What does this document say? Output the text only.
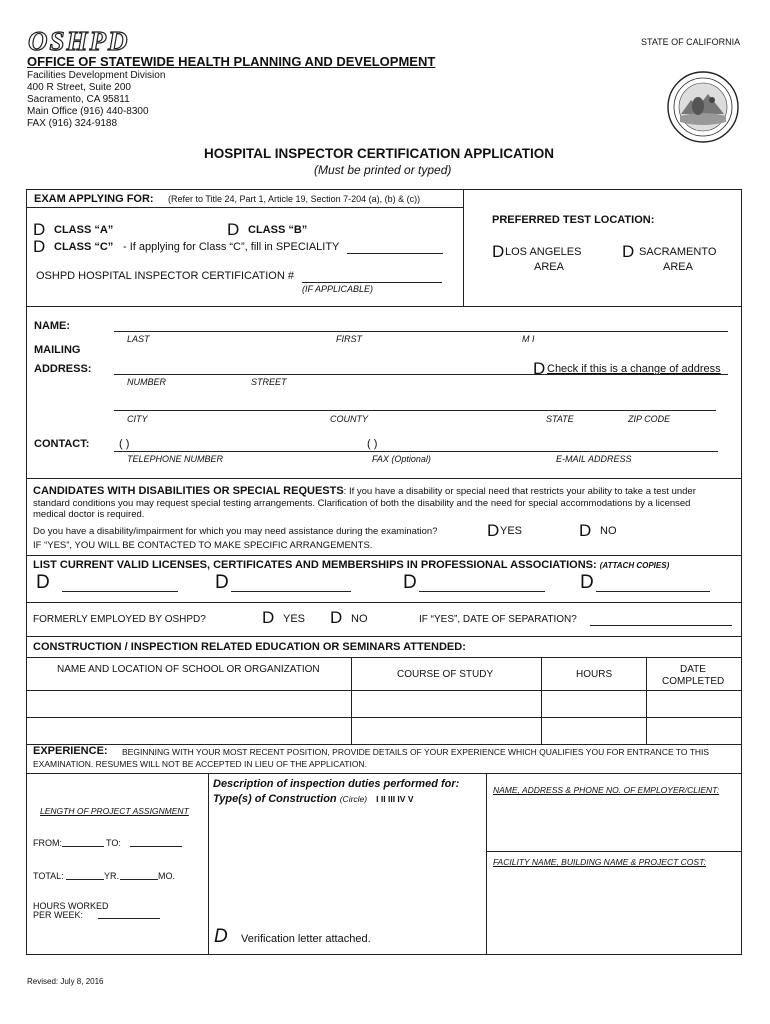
OSHPD	STATE OF CALIFORNIA
OFFICE OF STATEWIDE HEALTH PLANNING AND DEVELOPMENT
Facilities Development Division
400 R Street, Suite 200
Sacramento, CA 95811
Main Office (916) 440-8300
FAX (916) 324-9188
HOSPITAL INSPECTOR CERTIFICATION APPLICATION
(Must be printed or typed)
EXAM APPLYING FOR: (Refer to Title 24, Part 1, Article 19, Section 7-204 (a), (b) & (c))
D CLASS “A”	D CLASS “B”
D CLASS “C” - If applying for Class “C”, fill in SPECIALITY
OSHPD HOSPITAL INSPECTOR CERTIFICATION #
(IF APPLICABLE)
PREFERRED TEST LOCATION:
D LOS ANGELES
AREA
D SACRAMENTO
AREA
NAME:
LAST	FIRST	M I
MAILING
ADDRESS:	D Check if this is a change of address
NUMBER	STREET
CITY	COUNTY	STATE	ZIP CODE
CONTACT:	( )	( )
TELEPHONE NUMBER	FAX (Optional)	E-MAIL ADDRESS
CANDIDATES WITH DISABILITIES OR SPECIAL REQUESTS: If you have a disability or special need that restricts your ability to take a test under
standard conditions you may request special testing arrangements. Clarification of both the disability and the need for special accommodations by a licensed
medical doctor is required.
Do you have a disability/impairment for which you may need assistance during the examination?	D YES	D NO
IF “YES”, YOU WILL BE CONTACTED TO MAKE SPECIFIC ARRANGEMENTS.
LIST CURRENT VALID LICENSES, CERTIFICATES AND MEMBERSHIPS IN PROFESSIONAL ASSOCIATIONS: (ATTACH COPIES)
D	D	D	D
FORMERLY EMPLOYED BY OSHPD?	D YES D NO	IF “YES”, DATE OF SEPARATION?
CONSTRUCTION / INSPECTION RELATED EDUCATION OR SEMINARS ATTENDED:
NAME AND LOCATION OF SCHOOL OR ORGANIZATION	COURSE OF STUDY	HOURS	DATE
COMPLETED
EXPERIENCE: BEGINNING WITH YOUR MOST RECENT POSITION, PROVIDE DETAILS OF YOUR EXPERIENCE WHICH QUALIFIES YOU FOR ENTRANCE TO THIS
EXAMINATION. RESUMES WILL NOT BE ACCEPTED IN LIEU OF THE APPLICATION.
Description of inspection duties performed for:
Type(s) of Construction (Circle) I II III IV V
LENGTH OF PROJECT ASSIGNMENT
FROM:	TO:
TOTAL:	YR.	MO.
HOURS WORKED
PER WEEK:
NAME, ADDRESS & PHONE NO. OF EMPLOYER/CLIENT:
FACILITY NAME, BUILDING NAME & PROJECT COST:
D Verification letter attached.
Revised: July 8, 2016
